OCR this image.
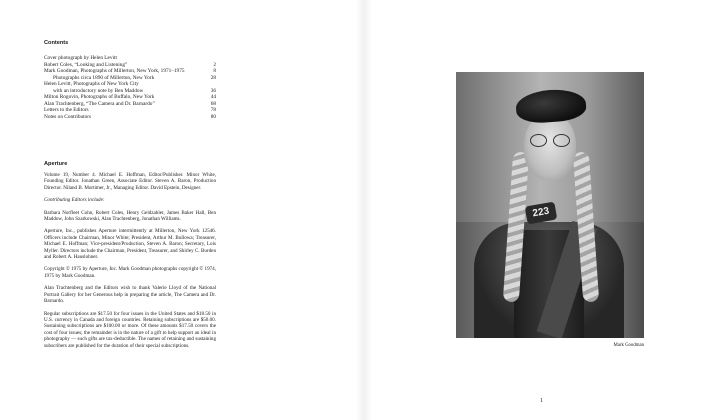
Contents
Cover photograph by Helen Levitt
Robert Coles, “Looking and Listening”	2
Mark Goodman, Photographs of Millerton, New York, 1971–1975	8
Photographs circa 1890 of Millerton, New York	28
Helen Levitt, Photographs of New York City
with an introductory note by Ben Maddow	36
Milton Rogovin, Photographs of Buffalo, New York	44
Alan Trachtenberg, “The Camera and Dr. Barnardo”	68
Letters to the Editors	78
Notes on Contributors	80
Aperture

Volume 19, Number 4. Michael E. Hoffman, Editor/Publisher. Minor White, Founding Editor. Jonathan Green, Associate Editor. Steven A. Baron, Production Director. Niland B. Mortimer, Jr., Managing Editor. David Epstein, Designer.

Contributing Editors include:

Barbara Norfleet Cohn, Robert Coles, Henry Geldzahler, James Baker Hall, Ben Maddow, John Szarkowski, Alan Trachtenberg, Jonathan Williams.

Aperture, Inc., publishes Aperture intermittently at Millerton, New York 12546. Officers include Chairman, Minor White; President, Arthur M. Bullowa; Treasurer, Michael E. Hoffman; Vice-president/Production, Steven A. Baron; Secretary, Lois Myller. Directors include the Chairman, President, Treasurer, and Shirley C. Burden and Robert A. Hauslohner.

Copyright © 1975 by Aperture, Inc. Mark Goodman photographs copyright © 1974, 1975 by Mark Goodman.

Alan Trachtenberg and the Editors wish to thank Valerie Lloyd of the National Portrait Gallery for her Generous help in preparing the article, The Camera and Dr. Barnardo.

Regular subscriptions are $17.50 for four issues in the United States and $18.50 in U.S. currency in Canada and foreign countries. Retaining subscriptions are $50.00. Sustaining subscriptions are $100.00 or more. Of these amounts $17.50 covers the cost of four issues; the remainder is in the nature of a gift to help support an ideal in photography — such gifts are tax-deductible. The names of retaining and sustaining subscribers are published for the duration of their special subscriptions.

223
Mark Goodman
1
